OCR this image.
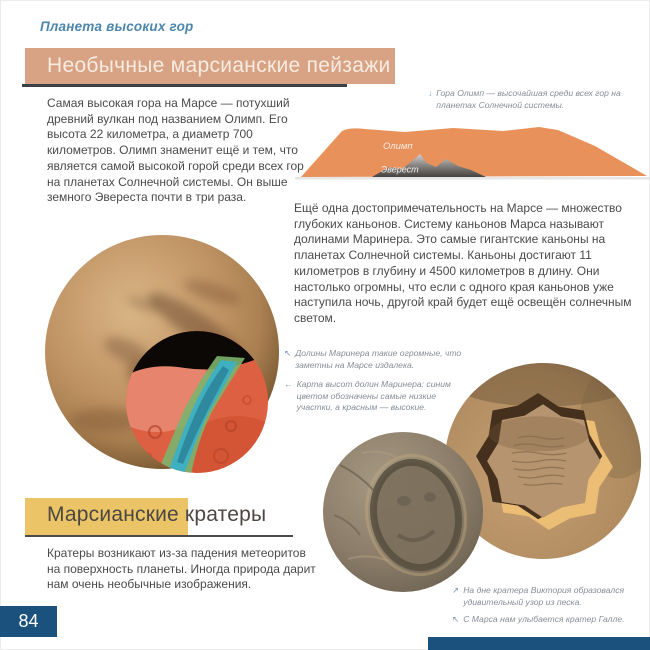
Планета высоких гор
Необычные марсианские пейзажи
↓ Гора Олимп — высочайшая среди всех гор на планетах Солнечной системы.
Самая высокая гора на Марсе — потухший древний вулкан под названием Олимп. Его высота 22 километра, а диаметр 700 километров. Олимп знаменит ещё и тем, что является самой высокой горой среди всех гор на планетах Солнечной системы. Он выше земного Эвереста почти в три раза.
Олимп
Эверест
Ещё одна достопримечательность на Марсе — множество глубоких каньонов. Систему каньонов Марса называют долинами Маринера. Это самые гигантские каньоны на планетах Солнечной системы. Каньоны достигают 11 километров в глубину и 4500 километров в длину. Они настолько огромны, что если с одного края каньонов уже наступила ночь, другой край будет ещё освещён солнечным светом.
↖ Долины Маринера такие огромные, что заметны на Марсе издалека.
← Карта высот долин Маринера: синим цветом обозначены самые низкие участки, а красным — высокие.
Марсианские кратеры
Кратеры возникают из-за падения метеоритов на поверхность планеты. Иногда природа дарит нам очень необычные изображения.	↗ На дне кратера Виктория образовался удивительный узор из песка.
↖ С Марса нам улыбается кратер Галле.
84
